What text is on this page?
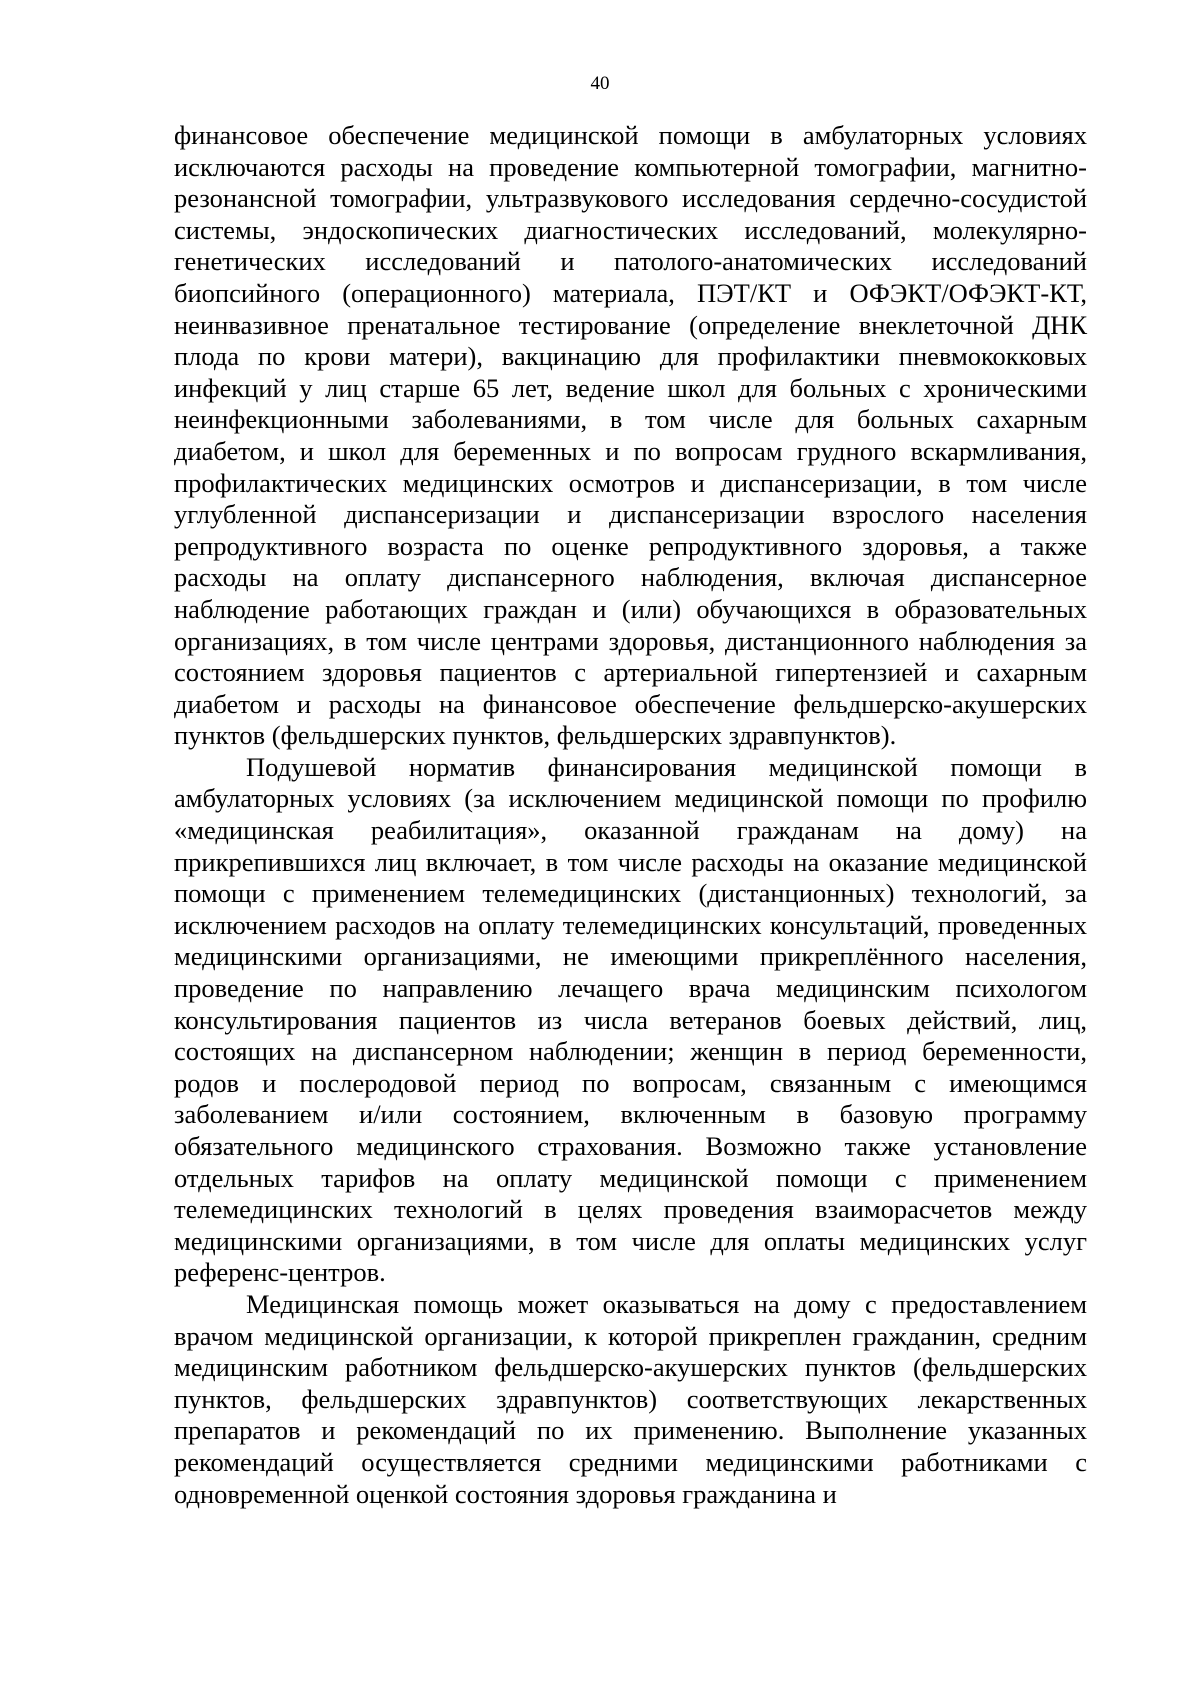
40

финансовое обеспечение медицинской помощи в амбулаторных условиях исключаются расходы на проведение компьютерной томографии, магнитно-резонансной томографии, ультразвукового исследования сердечно-сосудистой системы, эндоскопических диагностических исследований, молекулярно-генетических исследований и патолого-анатомических исследований биопсийного (операционного) материала, ПЭТ/КТ и ОФЭКТ/ОФЭКТ-КТ, неинвазивное пренатальное тестирование (определение внеклеточной ДНК плода по крови матери), вакцинацию для профилактики пневмококковых инфекций у лиц старше 65 лет, ведение школ для больных с хроническими неинфекционными заболеваниями, в том числе для больных сахарным диабетом, и школ для беременных и по вопросам грудного вскармливания, профилактических медицинских осмотров и диспансеризации, в том числе углубленной диспансеризации и диспансеризации взрослого населения репродуктивного возраста по оценке репродуктивного здоровья, а также расходы на оплату диспансерного наблюдения, включая диспансерное наблюдение работающих граждан и (или) обучающихся в образовательных организациях, в том числе центрами здоровья, дистанционного наблюдения за состоянием здоровья пациентов с артериальной гипертензией и сахарным диабетом и расходы на финансовое обеспечение фельдшерско-акушерских пунктов (фельдшерских пунктов, фельдшерских здравпунктов).

Подушевой норматив финансирования медицинской помощи в амбулаторных условиях (за исключением медицинской помощи по профилю «медицинская реабилитация», оказанной гражданам на дому) на прикрепившихся лиц включает, в том числе расходы на оказание медицинской помощи с применением телемедицинских (дистанционных) технологий, за исключением расходов на оплату телемедицинских консультаций, проведенных медицинскими организациями, не имеющими прикреплённого населения, проведение по направлению лечащего врача медицинским психологом консультирования пациентов из числа ветеранов боевых действий, лиц, состоящих на диспансерном наблюдении; женщин в период беременности, родов и послеродовой период по вопросам, связанным с имеющимся заболеванием и/или состоянием, включенным в базовую программу обязательного медицинского страхования. Возможно также установление отдельных тарифов на оплату медицинской помощи с применением телемедицинских технологий в целях проведения взаиморасчетов между медицинскими организациями, в том числе для оплаты медицинских услуг референс-центров.

Медицинская помощь может оказываться на дому с предоставлением врачом медицинской организации, к которой прикреплен гражданин, средним медицинским работником фельдшерско-акушерских пунктов (фельдшерских пунктов, фельдшерских здравпунктов) соответствующих лекарственных препаратов и рекомендаций по их применению. Выполнение указанных рекомендаций осуществляется средними медицинскими работниками с одновременной оценкой состояния здоровья гражданина и
